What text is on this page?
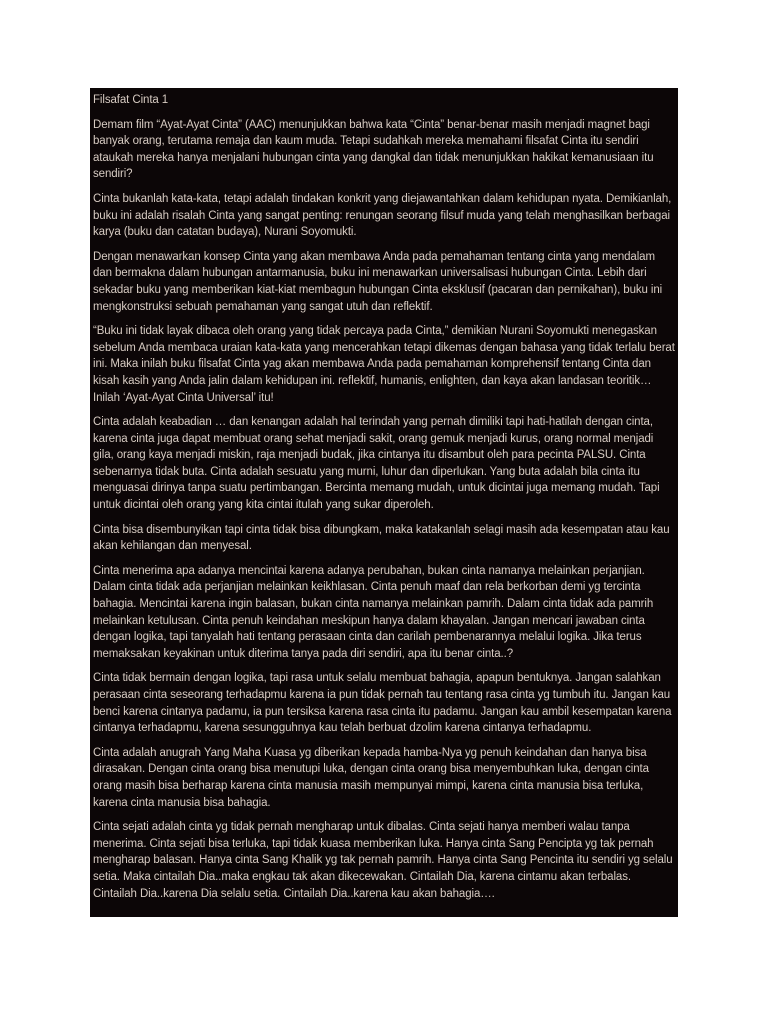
Filsafat Cinta 1

Demam film “Ayat-Ayat Cinta” (AAC) menunjukkan bahwa kata “Cinta” benar-benar masih menjadi magnet bagi banyak orang, terutama remaja dan kaum muda. Tetapi sudahkah mereka memahami filsafat Cinta itu sendiri ataukah mereka hanya menjalani hubungan cinta yang dangkal dan tidak menunjukkan hakikat kemanusiaan itu sendiri?

Cinta bukanlah kata-kata, tetapi adalah tindakan konkrit yang diejawantahkan dalam kehidupan nyata. Demikianlah, buku ini adalah risalah Cinta yang sangat penting: renungan seorang filsuf muda yang telah menghasilkan berbagai karya (buku dan catatan budaya), Nurani Soyomukti.

Dengan menawarkan konsep Cinta yang akan membawa Anda pada pemahaman tentang cinta yang mendalam dan bermakna dalam hubungan antarmanusia, buku ini menawarkan universalisasi hubungan Cinta. Lebih dari sekadar buku yang memberikan kiat-kiat membagun hubungan Cinta eksklusif (pacaran dan pernikahan), buku ini mengkonstruksi sebuah pemahaman yang sangat utuh dan reflektif.

“Buku ini tidak layak dibaca oleh orang yang tidak percaya pada Cinta,” demikian Nurani Soyomukti menegaskan sebelum Anda membaca uraian kata-kata yang mencerahkan tetapi dikemas dengan bahasa yang tidak terlalu berat ini. Maka inilah buku filsafat Cinta yag akan membawa Anda pada pemahaman komprehensif tentang Cinta dan kisah kasih yang Anda jalin dalam kehidupan ini. reflektif, humanis, enlighten, dan kaya akan landasan teoritik… Inilah ‘Ayat-Ayat Cinta Universal’ itu!

Cinta adalah keabadian … dan kenangan adalah hal terindah yang pernah dimiliki tapi hati-hatilah dengan cinta, karena cinta juga dapat membuat orang sehat menjadi sakit, orang gemuk menjadi kurus, orang normal menjadi gila, orang kaya menjadi miskin, raja menjadi budak, jika cintanya itu disambut oleh para pecinta PALSU. Cinta sebenarnya tidak buta. Cinta adalah sesuatu yang murni, luhur dan diperlukan. Yang buta adalah bila cinta itu menguasai dirinya tanpa suatu pertimbangan. Bercinta memang mudah, untuk dicintai juga memang mudah. Tapi untuk dicintai oleh orang yang kita cintai itulah yang sukar diperoleh.

Cinta bisa disembunyikan tapi cinta tidak bisa dibungkam, maka katakanlah selagi masih ada kesempatan atau kau akan kehilangan dan menyesal.

Cinta menerima apa adanya mencintai karena adanya perubahan, bukan cinta namanya melainkan perjanjian. Dalam cinta tidak ada perjanjian melainkan keikhlasan. Cinta penuh maaf dan rela berkorban demi yg tercinta bahagia. Mencintai karena ingin balasan, bukan cinta namanya melainkan pamrih. Dalam cinta tidak ada pamrih melainkan ketulusan. Cinta penuh keindahan meskipun hanya dalam khayalan. Jangan mencari jawaban cinta dengan logika, tapi tanyalah hati tentang perasaan cinta dan carilah pembenarannya melalui logika. Jika terus memaksakan keyakinan untuk diterima tanya pada diri sendiri, apa itu benar cinta..?

Cinta tidak bermain dengan logika, tapi rasa untuk selalu membuat bahagia, apapun bentuknya. Jangan salahkan perasaan cinta seseorang terhadapmu karena ia pun tidak pernah tau tentang rasa cinta yg tumbuh itu. Jangan kau benci karena cintanya padamu, ia pun tersiksa karena rasa cinta itu padamu. Jangan kau ambil kesempatan karena cintanya terhadapmu, karena sesungguhnya kau telah berbuat dzolim karena cintanya terhadapmu.

Cinta adalah anugrah Yang Maha Kuasa yg diberikan kepada hamba-Nya yg penuh keindahan dan hanya bisa dirasakan. Dengan cinta orang bisa menutupi luka, dengan cinta orang bisa menyembuhkan luka, dengan cinta orang masih bisa berharap karena cinta manusia masih mempunyai mimpi, karena cinta manusia bisa terluka, karena cinta manusia bisa bahagia.

Cinta sejati adalah cinta yg tidak pernah mengharap untuk dibalas. Cinta sejati hanya memberi walau tanpa menerima. Cinta sejati bisa terluka, tapi tidak kuasa memberikan luka. Hanya cinta Sang Pencipta yg tak pernah mengharap balasan. Hanya cinta Sang Khalik yg tak pernah pamrih. Hanya cinta Sang Pencinta itu sendiri yg selalu setia. Maka cintailah Dia..maka engkau tak akan dikecewakan. Cintailah Dia, karena cintamu akan terbalas. Cintailah Dia..karena Dia selalu setia. Cintailah Dia..karena kau akan bahagia….
